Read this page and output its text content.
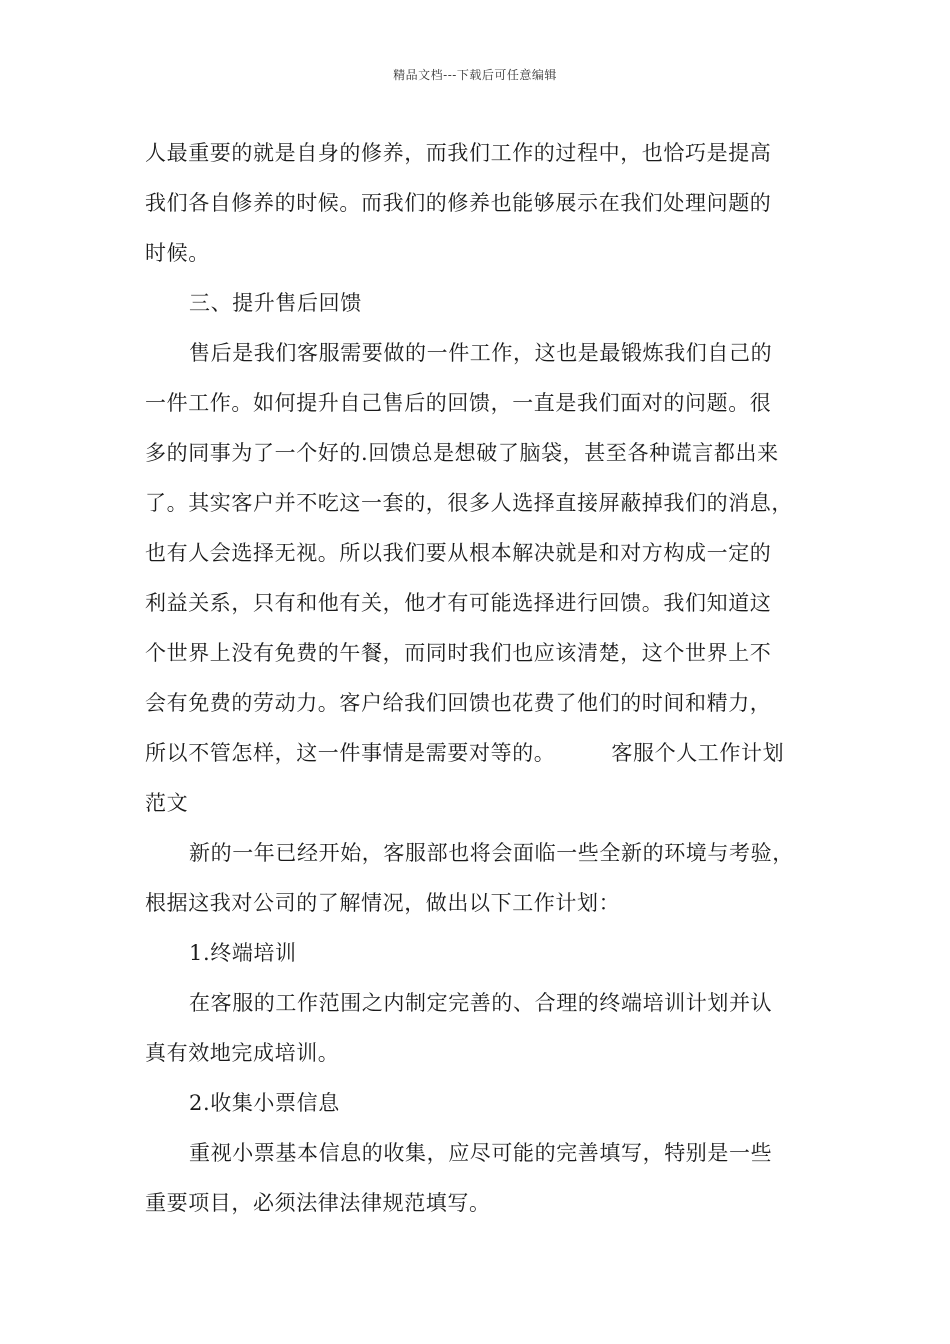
精品文档---下载后可任意编辑
人最重要的就是自身的修养，而我们工作的过程中，也恰巧是提高
我们各自修养的时候。而我们的修养也能够展示在我们处理问题的
时候。
三、提升售后回馈
售后是我们客服需要做的一件工作，这也是最锻炼我们自己的
一件工作。如何提升自己售后的回馈，一直是我们面对的问题。很
多的同事为了一个好的.回馈总是想破了脑袋，甚至各种谎言都出来
了。其实客户并不吃这一套的，很多人选择直接屏蔽掉我们的消息，
也有人会选择无视。所以我们要从根本解决就是和对方构成一定的
利益关系，只有和他有关，他才有可能选择进行回馈。我们知道这
个世界上没有免费的午餐，而同时我们也应该清楚，这个世界上不
会有免费的劳动力。客户给我们回馈也花费了他们的时间和精力，
所以不管怎样，这一件事情是需要对等的。	客服个人工作计划
范文
新的一年已经开始，客服部也将会面临一些全新的环境与考验，
根据这我对公司的了解情况，做出以下工作计划：
1.终端培训
在客服的工作范围之内制定完善的、合理的终端培训计划并认
真有效地完成培训。
2.收集小票信息
重视小票基本信息的收集，应尽可能的完善填写，特别是一些
重要项目，必须法律法律规范填写。
